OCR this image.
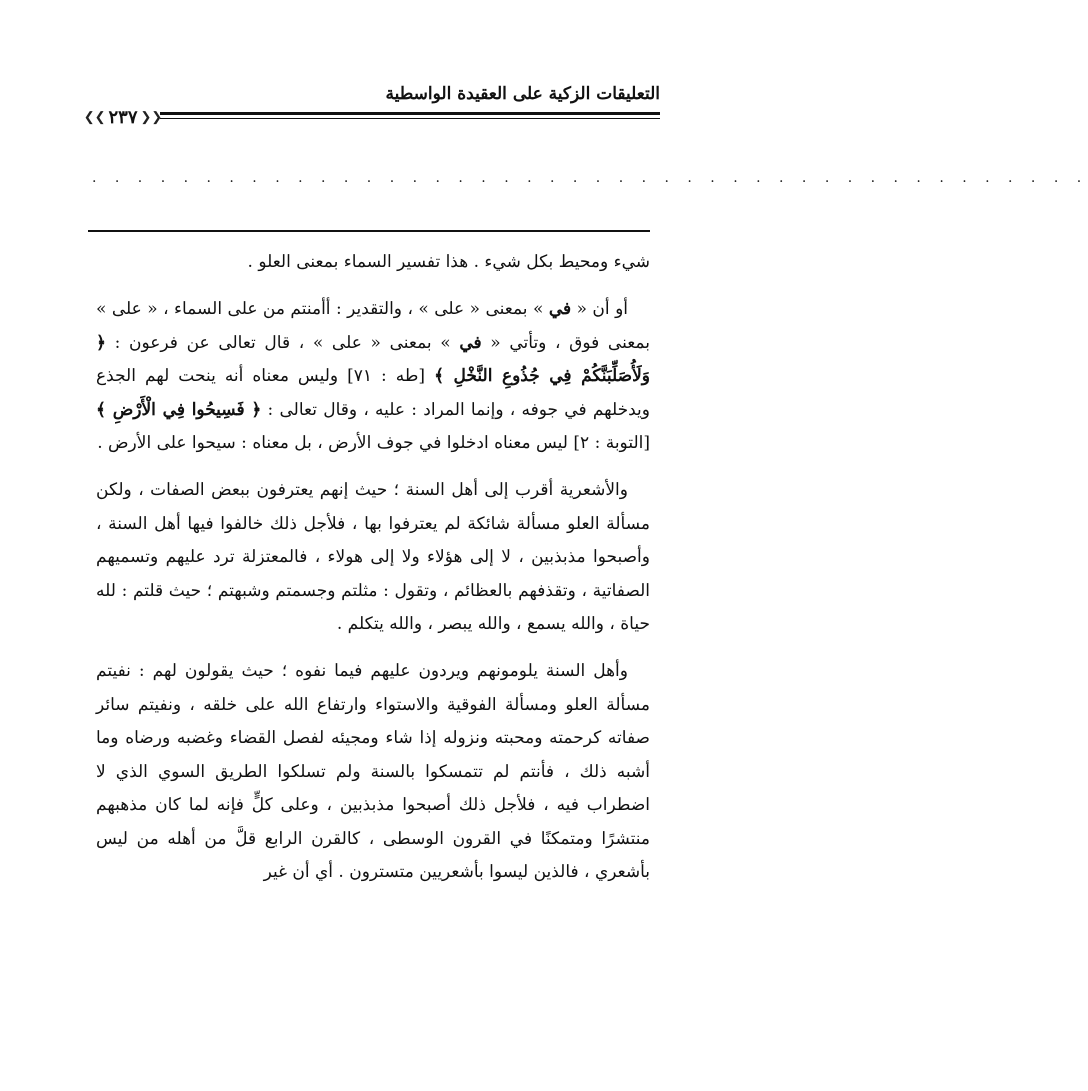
التعليقات الزكية على العقيدة الواسطية
❮❮ ٢٣٧ ❯❯
. . . . . . . . . . . . . . . . . . . . . . . . . . . . . . . . . . . . . . . . . . . .

شيء ومحيط بكل شيء . هذا تفسير السماء بمعنى العلو .

أو أن « في » بمعنى « على » ، والتقدير : أأمنتم من على السماء ، « على » بمعنى فوق ، وتأتي « في » بمعنى « على » ، قال تعالى عن فرعون : ﴿ وَلَأُصَلِّبَنَّكُمْ فِي جُذُوعِ النَّخْلِ ﴾ [طه : ٧١] وليس معناه أنه ينحت لهم الجذع ويدخلهم في جوفه ، وإنما المراد : عليه ، وقال تعالى : ﴿ فَسِيحُوا فِي الْأَرْضِ ﴾ [التوبة : ٢] ليس معناه ادخلوا في جوف الأرض ، بل معناه : سيحوا على الأرض .

والأشعرية أقرب إلى أهل السنة ؛ حيث إنهم يعترفون ببعض الصفات ، ولكن مسألة العلو مسألة شائكة لم يعترفوا بها ، فلأجل ذلك خالفوا فيها أهل السنة ، وأصبحوا مذبذبين ، لا إلى هؤلاء ولا إلى هولاء ، فالمعتزلة ترد عليهم وتسميهم الصفاتية ، وتقذفهم بالعظائم ، وتقول : مثلتم وجسمتم وشبهتم ؛ حيث قلتم : لله حياة ، والله يسمع ، والله يبصر ، والله يتكلم .

وأهل السنة يلومونهم ويردون عليهم فيما نفوه ؛ حيث يقولون لهم : نفيتم مسألة العلو ومسألة الفوقية والاستواء وارتفاع الله على خلقه ، ونفيتم سائر صفاته كرحمته ومحبته ونزوله إذا شاء ومجيئه لفصل القضاء وغضبه ورضاه وما أشبه ذلك ، فأنتم لم تتمسكوا بالسنة ولم تسلكوا الطريق السوي الذي لا اضطراب فيه ، فلأجل ذلك أصبحوا مذبذبين ، وعلى كلٍّ فإنه لما كان مذهبهم منتشرًا ومتمكنًا في القرون الوسطى ، كالقرن الرابع قلَّ من أهله من ليس بأشعري ، فالذين ليسوا بأشعريين متسترون . أي أن غير
